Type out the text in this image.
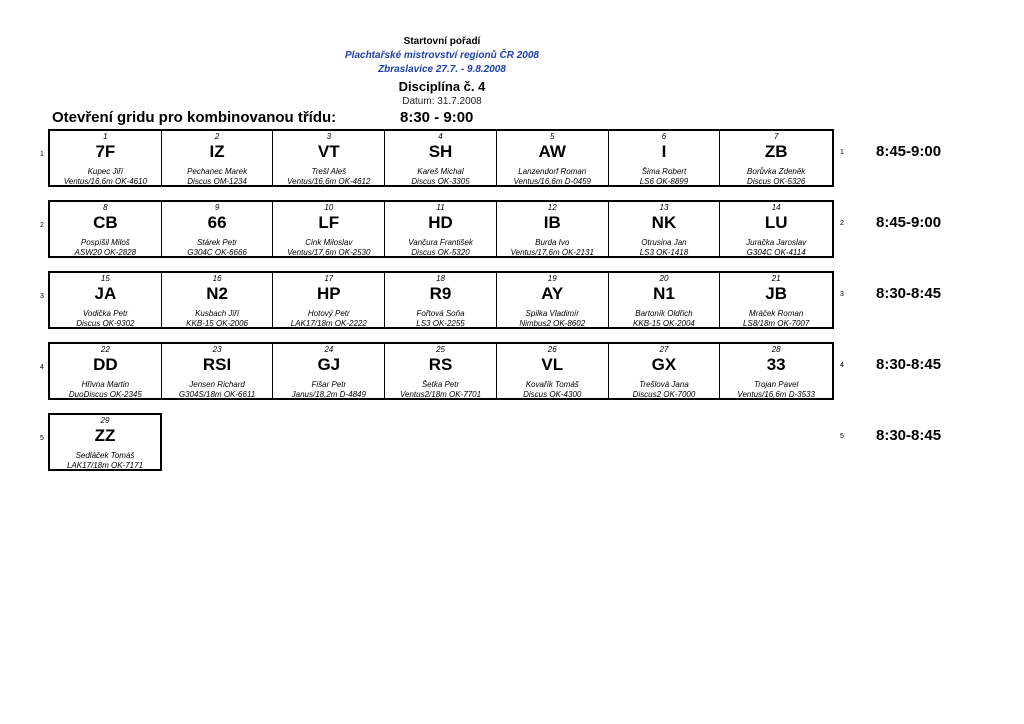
Startovní pořadí
Plachtařské mistrovství regionů ČR 2008
Zbraslavice 27.7. - 9.8.2008
Disciplína č. 4
Datum: 31.7.2008
Otevření gridu pro kombinovanou třídu:	8:30 - 9:00
1
1
7F
Kupec Jiří
Ventus/16,6m OK-4610
2
IZ
Pechanec Marek
Discus OM-1234
3
VT
Trešl Aleš
Ventus/16,6m OK-4612
4
SH
Kareš Michal
Discus OK-3305
5
AW
Lanzendorf Roman
Ventus/16,6m D-0459
6
I
Šima Robert
LS6 OK-8899
7
ZB
Borůvka Zdeněk
Discus OK-5326
1 8:45-9:00
2
8
CB
Pospíšil Miloš
ASW20 OK-2828
9
66
Stárek Petr
G304C OK-6666
10
LF
Cink Miloslav
Ventus/17,6m OK-2530
11
HD
Vančura František
Discus OK-5320
12
IB
Burda Ivo
Ventus/17,6m OK-2131
13
NK
Otrusina Jan
LS3 OK-1418
14
LU
Juračka Jaroslav
G304C OK-4114
2 8:45-9:00
3
15
JA
Vodička Petr
Discus OK-9302
16
N2
Kusbach Jiří
KKB-15 OK-2006
17
HP
Hotový Petr
LAK17/18m OK-2222
18
R9
Fořtová Soňa
LS3 OK-2255
19
AY
Spilka Vladimír
Nimbus2 OK-8602
20
N1
Bartoník Oldřich
KKB-15 OK-2004
21
JB
Mráček Roman
LS8/18m OK-7007
3 8:30-8:45
4
22
DD
Hřivna Martin
DuoDiscus OK-2345
23
RSI
Jensen Richard
G304S/18m OK-6611
24
GJ
Fišar Petr
Janus/18,2m D-4849
25
RS
Šetka Petr
Ventus2/18m OK-7701
26
VL
Kovařík Tomáš
Discus OK-4300
27
GX
Trešlová Jana
Discus2 OK-7000
28
33
Trojan Pavel
Ventus/16,6m D-3533
4 8:30-8:45
5
29
ZZ
Sedláček Tomáš
LAK17/18m OK-7171
5 8:30-8:45
